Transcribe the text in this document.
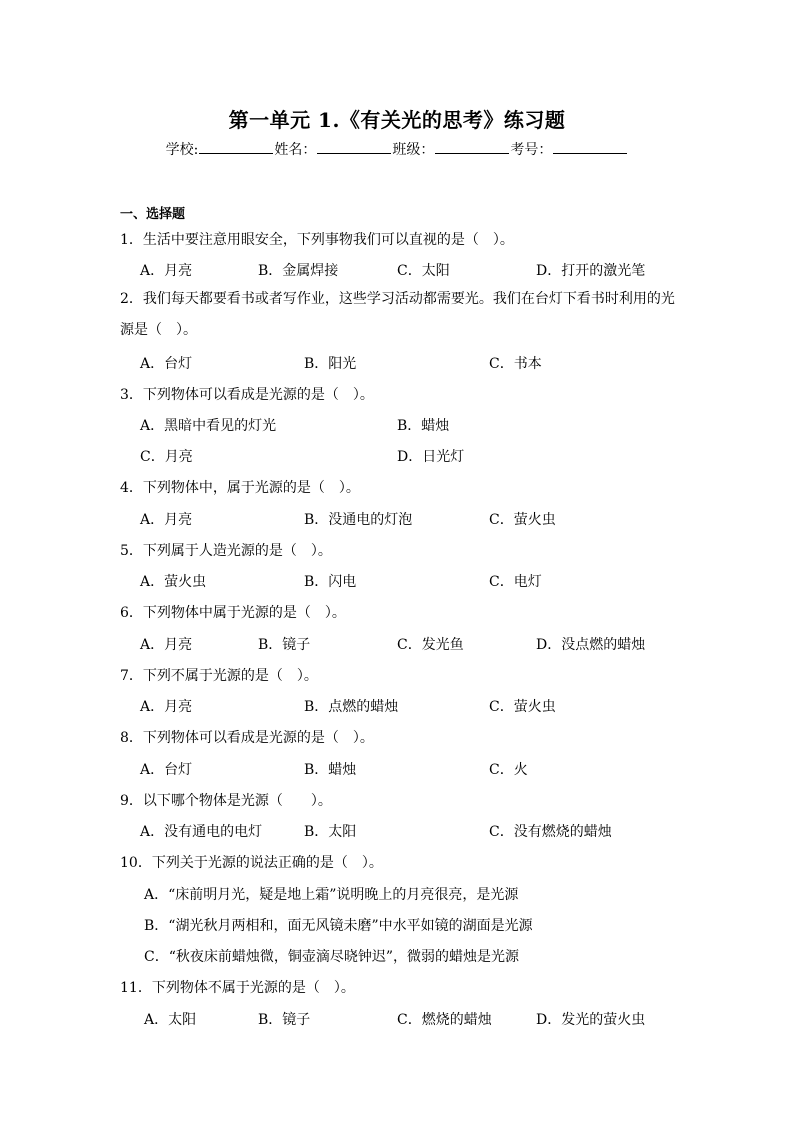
第一单元 1.《有关光的思考》练习题
学校:	姓名：	班级：	考号：
一、选择题
1．生活中要注意用眼安全，下列事物我们可以直视的是（　）。
A．月亮	B．金属焊接	C．太阳	D．打开的激光笔
2．我们每天都要看书或者写作业，这些学习活动都需要光。我们在台灯下看书时利用的光源是（　）。
A．台灯	B．阳光	C．书本
3．下列物体可以看成是光源的是（　）。
A．黑暗中看见的灯光	B．蜡烛
C．月亮	D．日光灯
4．下列物体中，属于光源的是（　）。
A．月亮	B．没通电的灯泡	C．萤火虫
5．下列属于人造光源的是（　）。
A．萤火虫	B．闪电	C．电灯
6．下列物体中属于光源的是（　）。
A．月亮	B．镜子	C．发光鱼	D．没点燃的蜡烛
7．下列不属于光源的是（　）。
A．月亮	B．点燃的蜡烛	C．萤火虫
8．下列物体可以看成是光源的是（　）。
A．台灯	B．蜡烛	C．火
9．以下哪个物体是光源（　　）。
A．没有通电的电灯	B．太阳	C．没有燃烧的蜡烛
10．下列关于光源的说法正确的是（　）。
A．“床前明月光，疑是地上霜”说明晚上的月亮很亮，是光源
B．“湖光秋月两相和，面无风镜未磨”中水平如镜的湖面是光源
C．“秋夜床前蜡烛微，铜壶滴尽晓钟迟”，微弱的蜡烛是光源
11．下列物体不属于光源的是（　）。
A．太阳	B．镜子	C．燃烧的蜡烛	D．发光的萤火虫
